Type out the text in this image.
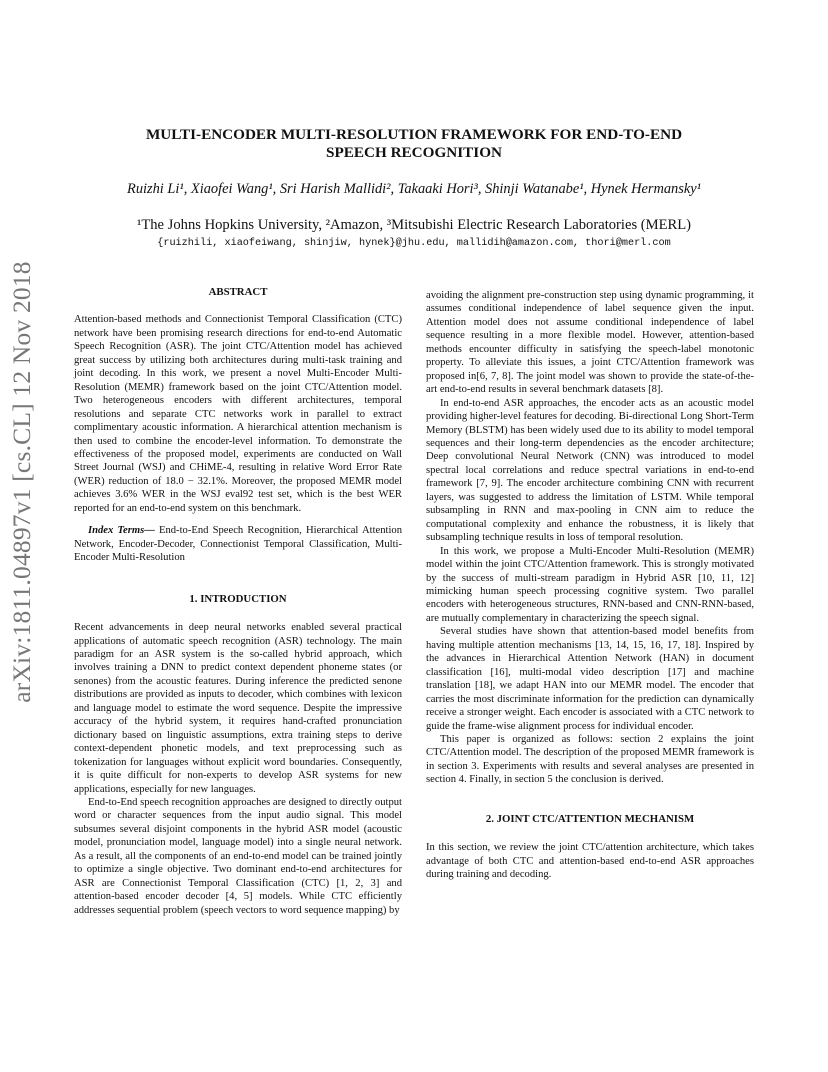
arXiv:1811.04897v1 [cs.CL] 12 Nov 2018
MULTI-ENCODER MULTI-RESOLUTION FRAMEWORK FOR END-TO-END
SPEECH RECOGNITION
Ruizhi Li¹, Xiaofei Wang¹, Sri Harish Mallidi², Takaaki Hori³, Shinji Watanabe¹, Hynek Hermansky¹
¹The Johns Hopkins University, ²Amazon, ³Mitsubishi Electric Research Laboratories (MERL)
{ruizhili, xiaofeiwang, shinjiw, hynek}@jhu.edu, mallidih@amazon.com, thori@merl.com
ABSTRACT

Attention-based methods and Connectionist Temporal Classification (CTC) network have been promising research directions for end-to-end Automatic Speech Recognition (ASR). The joint CTC/Attention model has achieved great success by utilizing both architectures during multi-task training and joint decoding. In this work, we present a novel Multi-Encoder Multi-Resolution (MEMR) framework based on the joint CTC/Attention model. Two heterogeneous encoders with different architectures, temporal resolutions and separate CTC networks work in parallel to extract complimentary acoustic information. A hierarchical attention mechanism is then used to combine the encoder-level information. To demonstrate the effectiveness of the proposed model, experiments are conducted on Wall Street Journal (WSJ) and CHiME-4, resulting in relative Word Error Rate (WER) reduction of 18.0 − 32.1%. Moreover, the proposed MEMR model achieves 3.6% WER in the WSJ eval92 test set, which is the best WER reported for an end-to-end system on this benchmark.

Index Terms— End-to-End Speech Recognition, Hierarchical Attention Network, Encoder-Decoder, Connectionist Temporal Classification, Multi-Encoder Multi-Resolution

1. INTRODUCTION

Recent advancements in deep neural networks enabled several practical applications of automatic speech recognition (ASR) technology. The main paradigm for an ASR system is the so-called hybrid approach, which involves training a DNN to predict context dependent phoneme states (or senones) from the acoustic features. During inference the predicted senone distributions are provided as inputs to decoder, which combines with lexicon and language model to estimate the word sequence. Despite the impressive accuracy of the hybrid system, it requires hand-crafted pronunciation dictionary based on linguistic assumptions, extra training steps to derive context-dependent phonetic models, and text preprocessing such as tokenization for languages without explicit word boundaries. Consequently, it is quite difficult for non-experts to develop ASR systems for new applications, especially for new languages.

End-to-End speech recognition approaches are designed to directly output word or character sequences from the input audio signal. This model subsumes several disjoint components in the hybrid ASR model (acoustic model, pronunciation model, language model) into a single neural network. As a result, all the components of an end-to-end model can be trained jointly to optimize a single objective. Two dominant end-to-end architectures for ASR are Connectionist Temporal Classification (CTC) [1, 2, 3] and attention-based encoder decoder [4, 5] models. While CTC efficiently addresses sequential problem (speech vectors to word sequence mapping) by

avoiding the alignment pre-construction step using dynamic programming, it assumes conditional independence of label sequence given the input. Attention model does not assume conditional independence of label sequence resulting in a more flexible model. However, attention-based methods encounter difficulty in satisfying the speech-label monotonic property. To alleviate this issues, a joint CTC/Attention framework was proposed in[6, 7, 8]. The joint model was shown to provide the state-of-the-art end-to-end results in several benchmark datasets [8].

In end-to-end ASR approaches, the encoder acts as an acoustic model providing higher-level features for decoding. Bi-directional Long Short-Term Memory (BLSTM) has been widely used due to its ability to model temporal sequences and their long-term dependencies as the encoder architecture; Deep convolutional Neural Network (CNN) was introduced to model spectral local correlations and reduce spectral variations in end-to-end framework [7, 9]. The encoder architecture combining CNN with recurrent layers, was suggested to address the limitation of LSTM. While temporal subsampling in RNN and max-pooling in CNN aim to reduce the computational complexity and enhance the robustness, it is likely that subsampling technique results in loss of temporal resolution.

In this work, we propose a Multi-Encoder Multi-Resolution (MEMR) model within the joint CTC/Attention framework. This is strongly motivated by the success of multi-stream paradigm in Hybrid ASR [10, 11, 12] mimicking human speech processing cognitive system. Two parallel encoders with heterogeneous structures, RNN-based and CNN-RNN-based, are mutually complementary in characterizing the speech signal.

Several studies have shown that attention-based model benefits from having multiple attention mechanisms [13, 14, 15, 16, 17, 18]. Inspired by the advances in Hierarchical Attention Network (HAN) in document classification [16], multi-modal video description [17] and machine translation [18], we adapt HAN into our MEMR model. The encoder that carries the most discriminate information for the prediction can dynamically receive a stronger weight. Each encoder is associated with a CTC network to guide the frame-wise alignment process for individual encoder.

This paper is organized as follows: section 2 explains the joint CTC/Attention model. The description of the proposed MEMR framework is in section 3. Experiments with results and several analyses are presented in section 4. Finally, in section 5 the conclusion is derived.

2. JOINT CTC/ATTENTION MECHANISM

In this section, we review the joint CTC/attention architecture, which takes advantage of both CTC and attention-based end-to-end ASR approaches during training and decoding.
